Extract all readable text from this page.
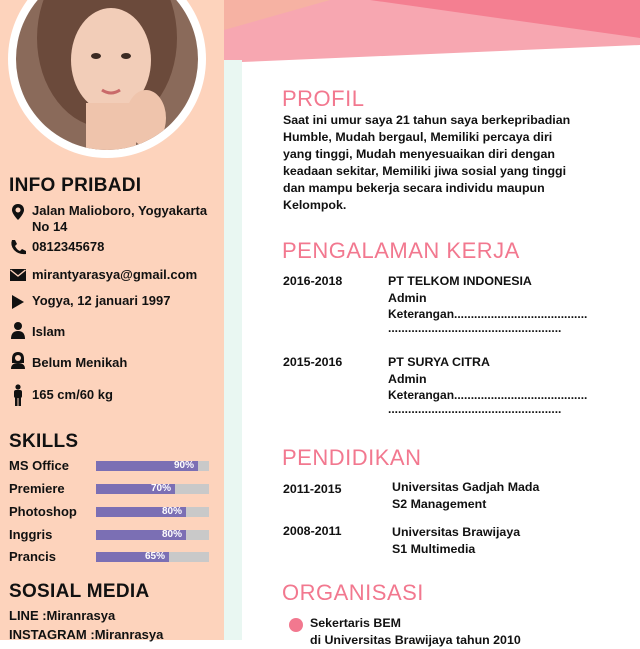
INFO PRIBADI
Jalan Malioboro, Yogyakarta
No 14
0812345678
mirantyarasya@gmail.com
Yogya, 12 januari 1997
Islam
Belum Menikah
165 cm/60 kg
SKILLS
MS Office	90%
Premiere	70%
Photoshop	80%
Inggris	80%
Prancis	65%
SOSIAL MEDIA
LINE :Miranrasya
INSTAGRAM :Miranrasya
PROFIL
Saat ini umur saya 21 tahun saya berkepribadian
Humble, Mudah bergaul, Memiliki percaya diri
yang tinggi, Mudah menyesuaikan diri dengan
keadaan sekitar, Memiliki jiwa sosial yang tinggi
dan mampu bekerja secara individu maupun
Kelompok.
PENGALAMAN KERJA
2016-2018	PT TELKOM INDONESIA
Admin
Keterangan........................................
....................................................
2015-2016	PT SURYA CITRA
Admin
Keterangan........................................
....................................................
PENDIDIKAN
2011-2015	Universitas Gadjah Mada
S2 Management
2008-2011	Universitas Brawijaya
S1 Multimedia
ORGANISASI
Sekertaris BEM
di Universitas Brawijaya tahun 2010
